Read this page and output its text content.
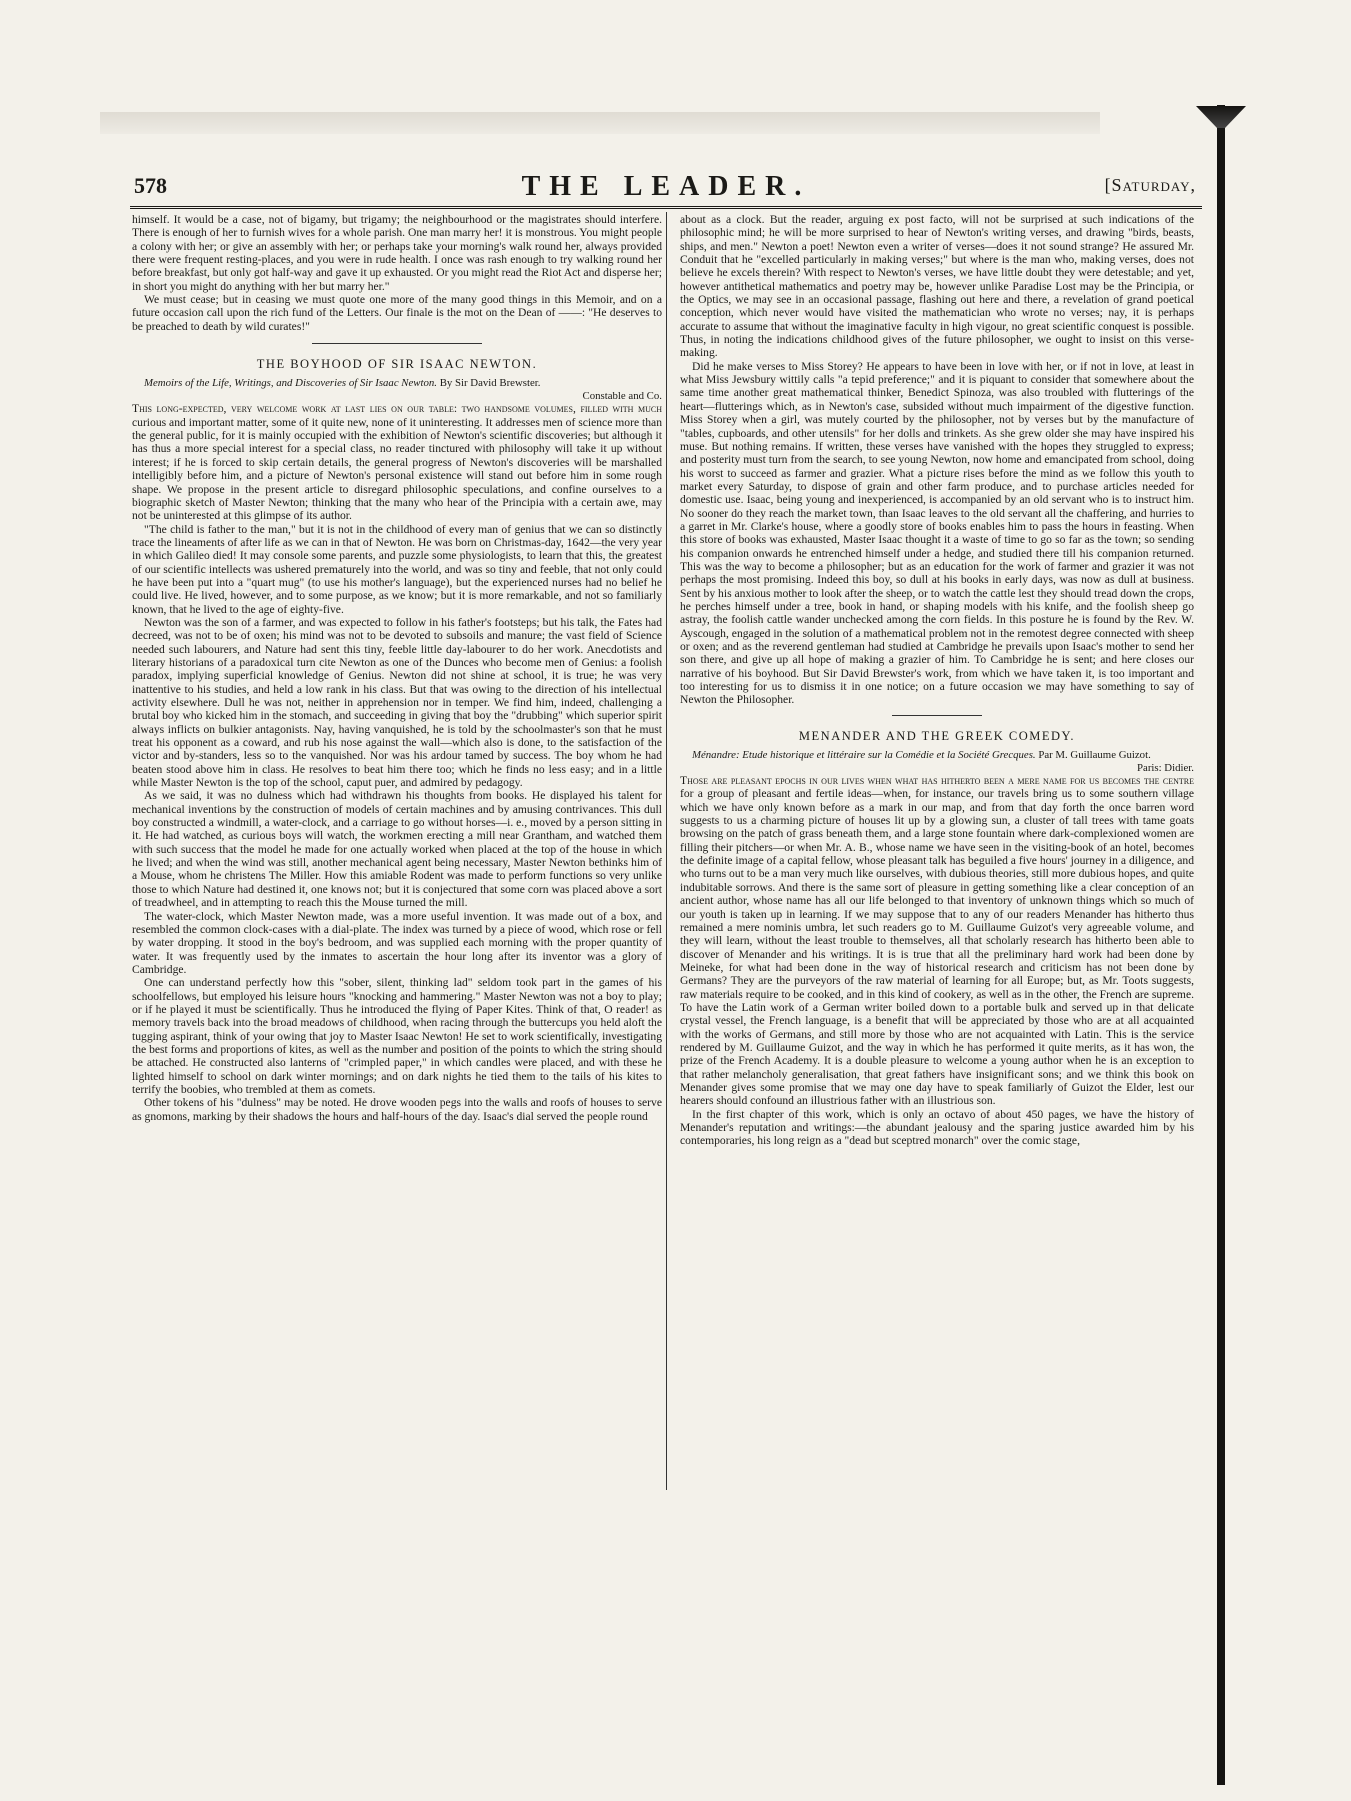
578	THE LEADER.	[Saturday,

himself. It would be a case, not of bigamy, but trigamy; the neighbourhood or the magistrates should interfere. There is enough of her to furnish wives for a whole parish. One man marry her! it is monstrous. You might people a colony with her; or give an assembly with her; or perhaps take your morning's walk round her, always provided there were frequent resting-places, and you were in rude health. I once was rash enough to try walking round her before breakfast, but only got half-way and gave it up exhausted. Or you might read the Riot Act and disperse her; in short you might do anything with her but marry her."

We must cease; but in ceasing we must quote one more of the many good things in this Memoir, and on a future occasion call upon the rich fund of the Letters. Our finale is the mot on the Dean of ——: "He deserves to be preached to death by wild curates!"

THE BOYHOOD OF SIR ISAAC NEWTON.

Memoirs of the Life, Writings, and Discoveries of Sir Isaac Newton. By Sir David Brewster.
Constable and Co.

This long-expected, very welcome work at last lies on our table: two handsome volumes, filled with much curious and important matter, some of it quite new, none of it uninteresting. It addresses men of science more than the general public, for it is mainly occupied with the exhibition of Newton's scientific discoveries; but although it has thus a more special interest for a special class, no reader tinctured with philosophy will take it up without interest; if he is forced to skip certain details, the general progress of Newton's discoveries will be marshalled intelligibly before him, and a picture of Newton's personal existence will stand out before him in some rough shape. We propose in the present article to disregard philosophic speculations, and confine ourselves to a biographic sketch of Master Newton; thinking that the many who hear of the Principia with a certain awe, may not be uninterested at this glimpse of its author.

"The child is father to the man," but it is not in the childhood of every man of genius that we can so distinctly trace the lineaments of after life as we can in that of Newton. He was born on Christmas-day, 1642—the very year in which Galileo died! It may console some parents, and puzzle some physiologists, to learn that this, the greatest of our scientific intellects was ushered prematurely into the world, and was so tiny and feeble, that not only could he have been put into a "quart mug" (to use his mother's language), but the experienced nurses had no belief he could live. He lived, however, and to some purpose, as we know; but it is more remarkable, and not so familiarly known, that he lived to the age of eighty-five.

Newton was the son of a farmer, and was expected to follow in his father's footsteps; but his talk, the Fates had decreed, was not to be of oxen; his mind was not to be devoted to subsoils and manure; the vast field of Science needed such labourers, and Nature had sent this tiny, feeble little day-labourer to do her work. Anecdotists and literary historians of a paradoxical turn cite Newton as one of the Dunces who become men of Genius: a foolish paradox, implying superficial knowledge of Genius. Newton did not shine at school, it is true; he was very inattentive to his studies, and held a low rank in his class. But that was owing to the direction of his intellectual activity elsewhere. Dull he was not, neither in apprehension nor in temper. We find him, indeed, challenging a brutal boy who kicked him in the stomach, and succeeding in giving that boy the "drubbing" which superior spirit always inflicts on bulkier antagonists. Nay, having vanquished, he is told by the schoolmaster's son that he must treat his opponent as a coward, and rub his nose against the wall—which also is done, to the satisfaction of the victor and by-standers, less so to the vanquished. Nor was his ardour tamed by success. The boy whom he had beaten stood above him in class. He resolves to beat him there too; which he finds no less easy; and in a little while Master Newton is the top of the school, caput puer, and admired by pedagogy.

As we said, it was no dulness which had withdrawn his thoughts from books. He displayed his talent for mechanical inventions by the construction of models of certain machines and by amusing contrivances. This dull boy constructed a windmill, a water-clock, and a carriage to go without horses—i. e., moved by a person sitting in it. He had watched, as curious boys will watch, the workmen erecting a mill near Grantham, and watched them with such success that the model he made for one actually worked when placed at the top of the house in which he lived; and when the wind was still, another mechanical agent being necessary, Master Newton bethinks him of a Mouse, whom he christens The Miller. How this amiable Rodent was made to perform functions so very unlike those to which Nature had destined it, one knows not; but it is conjectured that some corn was placed above a sort of treadwheel, and in attempting to reach this the Mouse turned the mill.

The water-clock, which Master Newton made, was a more useful invention. It was made out of a box, and resembled the common clock-cases with a dial-plate. The index was turned by a piece of wood, which rose or fell by water dropping. It stood in the boy's bedroom, and was supplied each morning with the proper quantity of water. It was frequently used by the inmates to ascertain the hour long after its inventor was a glory of Cambridge.

One can understand perfectly how this "sober, silent, thinking lad" seldom took part in the games of his schoolfellows, but employed his leisure hours "knocking and hammering." Master Newton was not a boy to play; or if he played it must be scientifically. Thus he introduced the flying of Paper Kites. Think of that, O reader! as memory travels back into the broad meadows of childhood, when racing through the buttercups you held aloft the tugging aspirant, think of your owing that joy to Master Isaac Newton! He set to work scientifically, investigating the best forms and proportions of kites, as well as the number and position of the points to which the string should be attached. He constructed also lanterns of "crimpled paper," in which candles were placed, and with these he lighted himself to school on dark winter mornings; and on dark nights he tied them to the tails of his kites to terrify the boobies, who trembled at them as comets.

Other tokens of his "dulness" may be noted. He drove wooden pegs into the walls and roofs of houses to serve as gnomons, marking by their shadows the hours and half-hours of the day. Isaac's dial served the people round

about as a clock. But the reader, arguing ex post facto, will not be surprised at such indications of the philosophic mind; he will be more surprised to hear of Newton's writing verses, and drawing "birds, beasts, ships, and men." Newton a poet! Newton even a writer of verses—does it not sound strange? He assured Mr. Conduit that he "excelled particularly in making verses;" but where is the man who, making verses, does not believe he excels therein? With respect to Newton's verses, we have little doubt they were detestable; and yet, however antithetical mathematics and poetry may be, however unlike Paradise Lost may be the Principia, or the Optics, we may see in an occasional passage, flashing out here and there, a revelation of grand poetical conception, which never would have visited the mathematician who wrote no verses; nay, it is perhaps accurate to assume that without the imaginative faculty in high vigour, no great scientific conquest is possible. Thus, in noting the indications childhood gives of the future philosopher, we ought to insist on this verse-making.

Did he make verses to Miss Storey? He appears to have been in love with her, or if not in love, at least in what Miss Jewsbury wittily calls "a tepid preference;" and it is piquant to consider that somewhere about the same time another great mathematical thinker, Benedict Spinoza, was also troubled with flutterings of the heart—flutterings which, as in Newton's case, subsided without much impairment of the digestive function. Miss Storey when a girl, was mutely courted by the philosopher, not by verses but by the manufacture of "tables, cupboards, and other utensils" for her dolls and trinkets. As she grew older she may have inspired his muse. But nothing remains. If written, these verses have vanished with the hopes they struggled to express; and posterity must turn from the search, to see young Newton, now home and emancipated from school, doing his worst to succeed as farmer and grazier. What a picture rises before the mind as we follow this youth to market every Saturday, to dispose of grain and other farm produce, and to purchase articles needed for domestic use. Isaac, being young and inexperienced, is accompanied by an old servant who is to instruct him. No sooner do they reach the market town, than Isaac leaves to the old servant all the chaffering, and hurries to a garret in Mr. Clarke's house, where a goodly store of books enables him to pass the hours in feasting. When this store of books was exhausted, Master Isaac thought it a waste of time to go so far as the town; so sending his companion onwards he entrenched himself under a hedge, and studied there till his companion returned. This was the way to become a philosopher; but as an education for the work of farmer and grazier it was not perhaps the most promising. Indeed this boy, so dull at his books in early days, was now as dull at business. Sent by his anxious mother to look after the sheep, or to watch the cattle lest they should tread down the crops, he perches himself under a tree, book in hand, or shaping models with his knife, and the foolish sheep go astray, the foolish cattle wander unchecked among the corn fields. In this posture he is found by the Rev. W. Ayscough, engaged in the solution of a mathematical problem not in the remotest degree connected with sheep or oxen; and as the reverend gentleman had studied at Cambridge he prevails upon Isaac's mother to send her son there, and give up all hope of making a grazier of him. To Cambridge he is sent; and here closes our narrative of his boyhood. But Sir David Brewster's work, from which we have taken it, is too important and too interesting for us to dismiss it in one notice; on a future occasion we may have something to say of Newton the Philosopher.

MENANDER AND THE GREEK COMEDY.

Ménandre: Etude historique et littéraire sur la Comédie et la Société Grecques. Par M. Guillaume Guizot.
Paris: Didier.

Those are pleasant epochs in our lives when what has hitherto been a mere name for us becomes the centre for a group of pleasant and fertile ideas—when, for instance, our travels bring us to some southern village which we have only known before as a mark in our map, and from that day forth the once barren word suggests to us a charming picture of houses lit up by a glowing sun, a cluster of tall trees with tame goats browsing on the patch of grass beneath them, and a large stone fountain where dark-complexioned women are filling their pitchers—or when Mr. A. B., whose name we have seen in the visiting-book of an hotel, becomes the definite image of a capital fellow, whose pleasant talk has beguiled a five hours' journey in a diligence, and who turns out to be a man very much like ourselves, with dubious theories, still more dubious hopes, and quite indubitable sorrows. And there is the same sort of pleasure in getting something like a clear conception of an ancient author, whose name has all our life belonged to that inventory of unknown things which so much of our youth is taken up in learning. If we may suppose that to any of our readers Menander has hitherto thus remained a mere nominis umbra, let such readers go to M. Guillaume Guizot's very agreeable volume, and they will learn, without the least trouble to themselves, all that scholarly research has hitherto been able to discover of Menander and his writings. It is is true that all the preliminary hard work had been done by Meineke, for what had been done in the way of historical research and criticism has not been done by Germans? They are the purveyors of the raw material of learning for all Europe; but, as Mr. Toots suggests, raw materials require to be cooked, and in this kind of cookery, as well as in the other, the French are supreme. To have the Latin work of a German writer boiled down to a portable bulk and served up in that delicate crystal vessel, the French language, is a benefit that will be appreciated by those who are at all acquainted with the works of Germans, and still more by those who are not acquainted with Latin. This is the service rendered by M. Guillaume Guizot, and the way in which he has performed it quite merits, as it has won, the prize of the French Academy. It is a double pleasure to welcome a young author when he is an exception to that rather melancholy generalisation, that great fathers have insignificant sons; and we think this book on Menander gives some promise that we may one day have to speak familiarly of Guizot the Elder, lest our hearers should confound an illustrious father with an illustrious son.

In the first chapter of this work, which is only an octavo of about 450 pages, we have the history of Menander's reputation and writings:—the abundant jealousy and the sparing justice awarded him by his contemporaries, his long reign as a "dead but sceptred monarch" over the comic stage,
